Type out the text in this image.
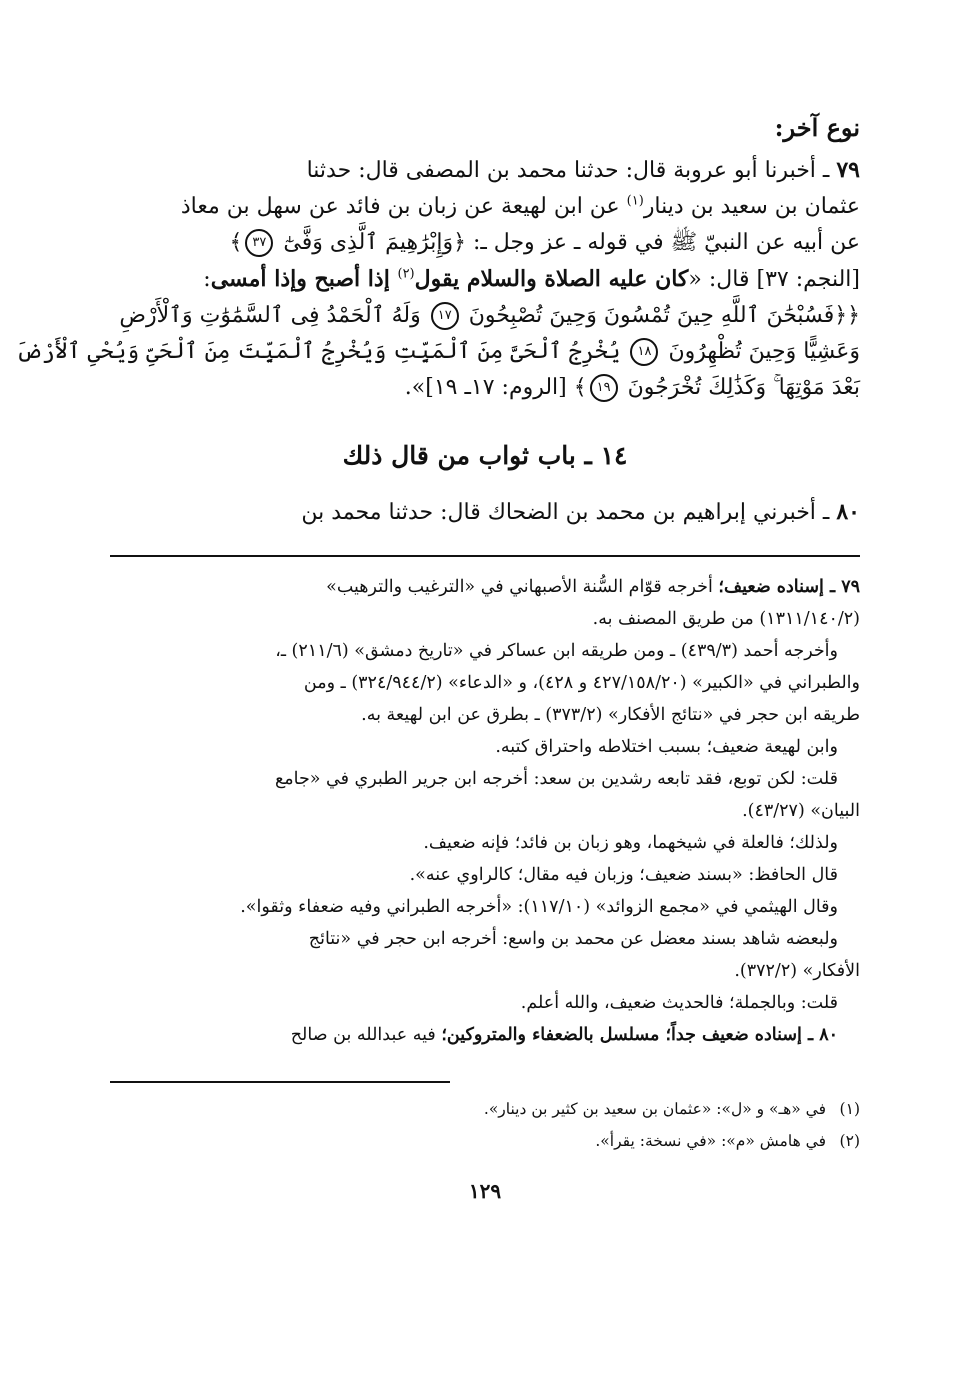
نوع آخر:

٧٩ ـ أخبرنا أبو عروبة قال: حدثنا محمد بن المصفى قال: حدثنا

عثمان بن سعيد بن دينار$^{(١)}$ عن ابن لهيعة عن زبان بن فائد عن سهل بن معاذ

عن أبيه عن النبيّ ﷺ في قوله ـ عز وجل ـ: ﴿وَإِبْرَٰهِيمَ ٱلَّذِى وَفَّىٰٓ ٣٧﴾

[النجم: ٣٧] قال: «كان عليه الصلاة والسلام يقول$^{(٢)}$ إذا أصبح وإذا أمسى:

﴿﴿فَسُبْحَٰنَ ٱللَّهِ حِينَ تُمْسُونَ وَحِينَ تُصْبِحُونَ ١٧ وَلَهُ ٱلْحَمْدُ فِى ٱلسَّمَٰوَٰتِ وَٱلْأَرْضِ

وَعَشِيًّا وَحِينَ تُظْهِرُونَ ١٨ يُخْرِجُ ٱلْحَىَّ مِنَ ٱلْمَيِّتِ وَيُخْرِجُ ٱلْمَيِّتَ مِنَ ٱلْحَىِّ وَيُحْىِ ٱلْأَرْضَ

بَعْدَ مَوْتِهَا ۚ وَكَذَٰلِكَ تُخْرَجُونَ ١٩﴾ [الروم: ١٧ـ ١٩]».

١٤ ـ باب ثواب من قال ذلك

٨٠ ـ أخبرني إبراهيم بن محمد بن الضحاك قال: حدثنا محمد بن

٧٩ ـ إسناده ضعيف؛ أخرجه قوّام السُّنة الأصبهاني في «الترغيب والترهيب»

(١٣١١/١٤٠/٢) من طريق المصنف به.

وأخرجه أحمد (٤٣٩/٣) ـ ومن طريقه ابن عساكر في «تاريخ دمشق» (٢١١/٦) ـ،

والطبراني في «الكبير» (٤٢٧/١٥٨/٢٠ و ٤٢٨)، و «الدعاء» (٣٢٤/٩٤٤/٢) ـ ومن

طريقه ابن حجر في «نتائج الأفكار» (٣٧٣/٢) ـ بطرق عن ابن لهيعة به.

وابن لهيعة ضعيف؛ بسبب اختلاطه واحتراق كتبه.

قلت: لكن توبع، فقد تابعه رشدين بن سعد: أخرجه ابن جرير الطبري في «جامع

البيان» (٤٣/٢٧).

ولذلك؛ فالعلة في شيخهما، وهو زبان بن فائد؛ فإنه ضعيف.

قال الحافظ: «بسند ضعيف؛ وزبان فيه مقال؛ كالراوي عنه».

وقال الهيثمي في «مجمع الزوائد» (١١٧/١٠): «أخرجه الطبراني وفيه ضعفاء وثقوا».

ولبعضه شاهد بسند معضل عن محمد بن واسع: أخرجه ابن حجر في «نتائج

الأفكار» (٣٧٢/٢).

قلت: وبالجملة؛ فالحديث ضعيف، والله أعلم.

٨٠ ـ إسناده ضعيف جداً؛ مسلسل بالضعفاء والمتروكين؛ فيه عبدالله بن صالح

(١)في «هـ» و «ل»: «عثمان بن سعيد بن كثير بن دينار».

(٢)في هامش «م»: «في نسخة: يقرأ».

١٢٩
